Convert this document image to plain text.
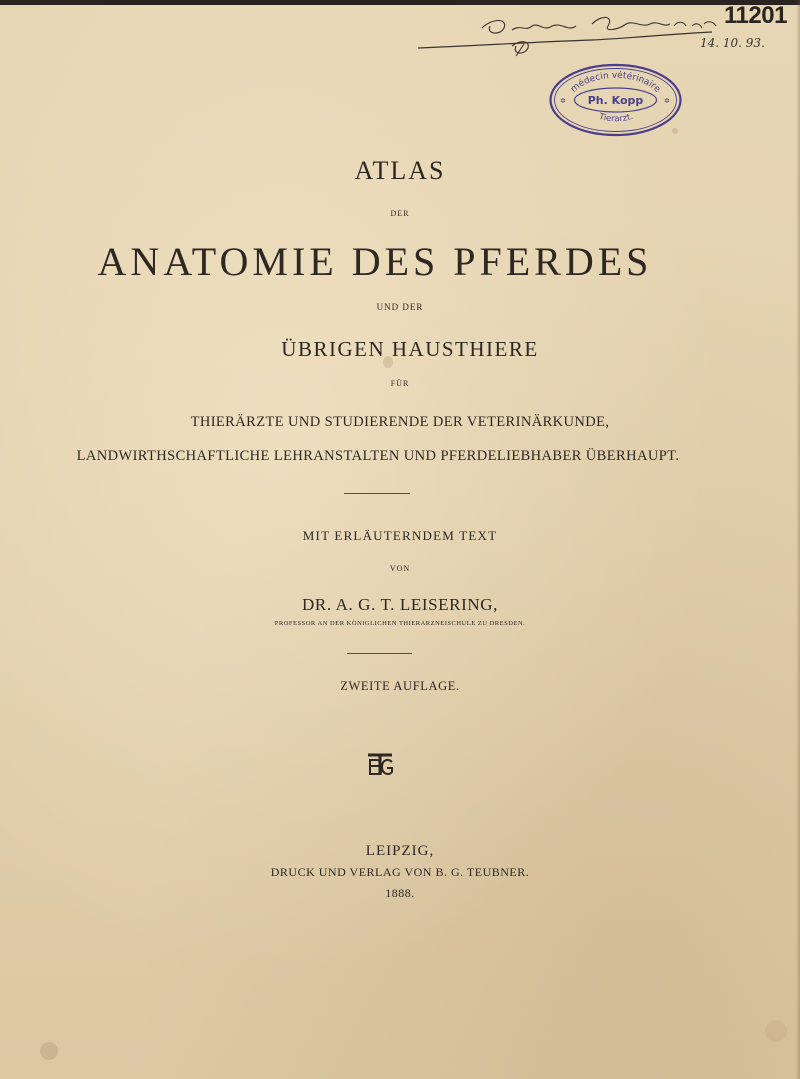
14. 10. 93.
11201
médecin vétérinaire
Ph. Kopp
Tierarzt.
✲	✲
ATLAS
DER
ANATOMIE DES PFERDES
UND DER
ÜBRIGEN HAUSTHIERE
FÜR
THIERÄRZTE UND STUDIERENDE DER VETERINÄRKUNDE,
LANDWIRTHSCHAFTLICHE LEHRANSTALTEN UND PFERDELIEBHABER ÜBERHAUPT.
MIT ERLÄUTERNDEM TEXT
VON
DR. A. G. T. LEISERING,
PROFESSOR AN DER KÖNIGLICHEN THIERARZNEISCHULE ZU DRESDEN.
ZWEITE AUFLAGE.
LEIPZIG,
DRUCK UND VERLAG VON B. G. TEUBNER.
1888.
